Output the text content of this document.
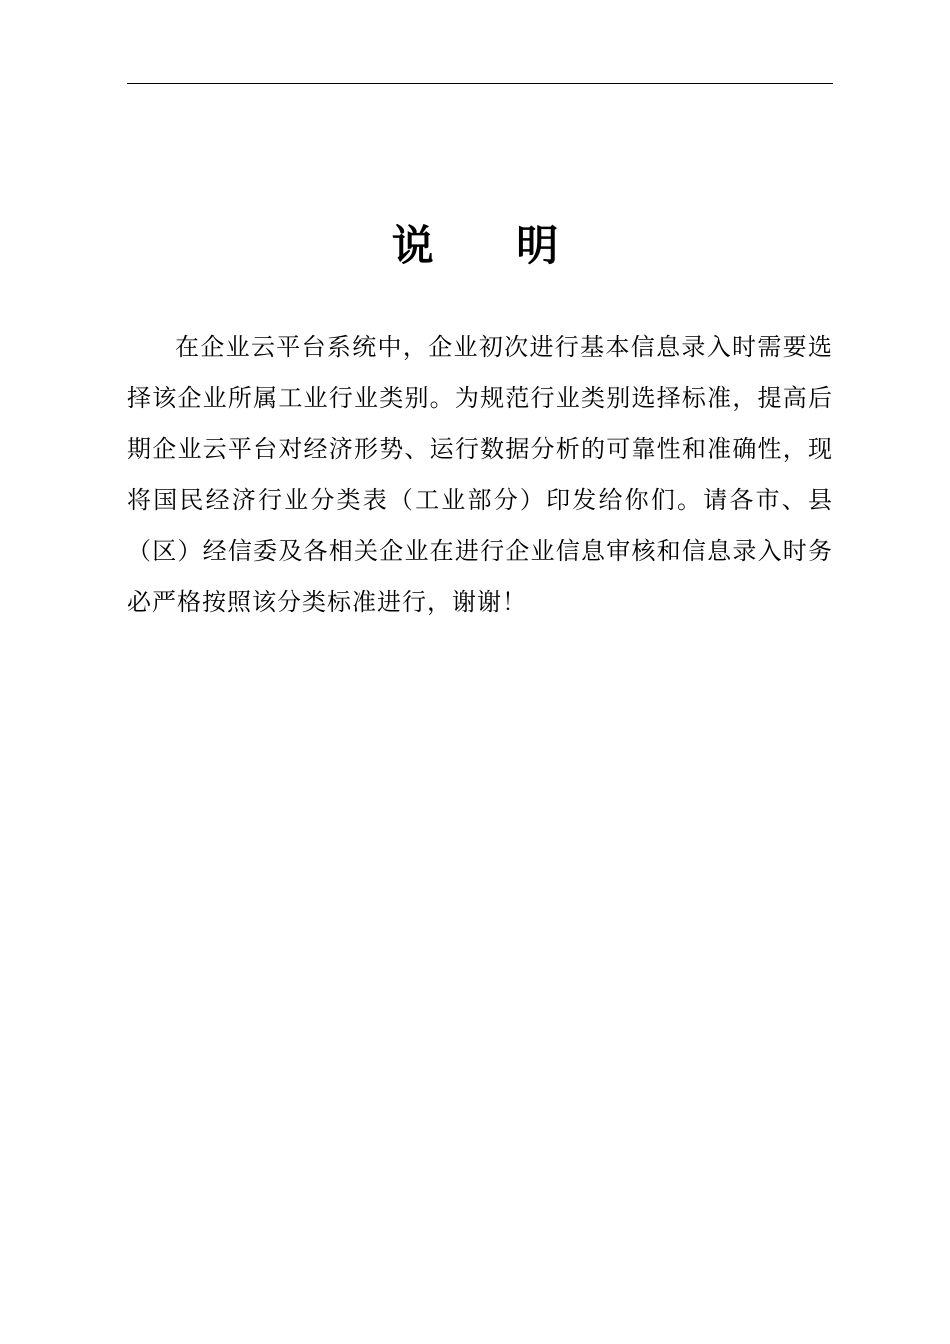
说 明

在企业云平台系统中，企业初次进行基本信息录入时需要选择该企业所属工业行业类别。为规范行业类别选择标准，提高后期企业云平台对经济形势、运行数据分析的可靠性和准确性，现将国民经济行业分类表（工业部分）印发给你们。请各市、县（区）经信委及各相关企业在进行企业信息审核和信息录入时务必严格按照该分类标准进行，谢谢！
